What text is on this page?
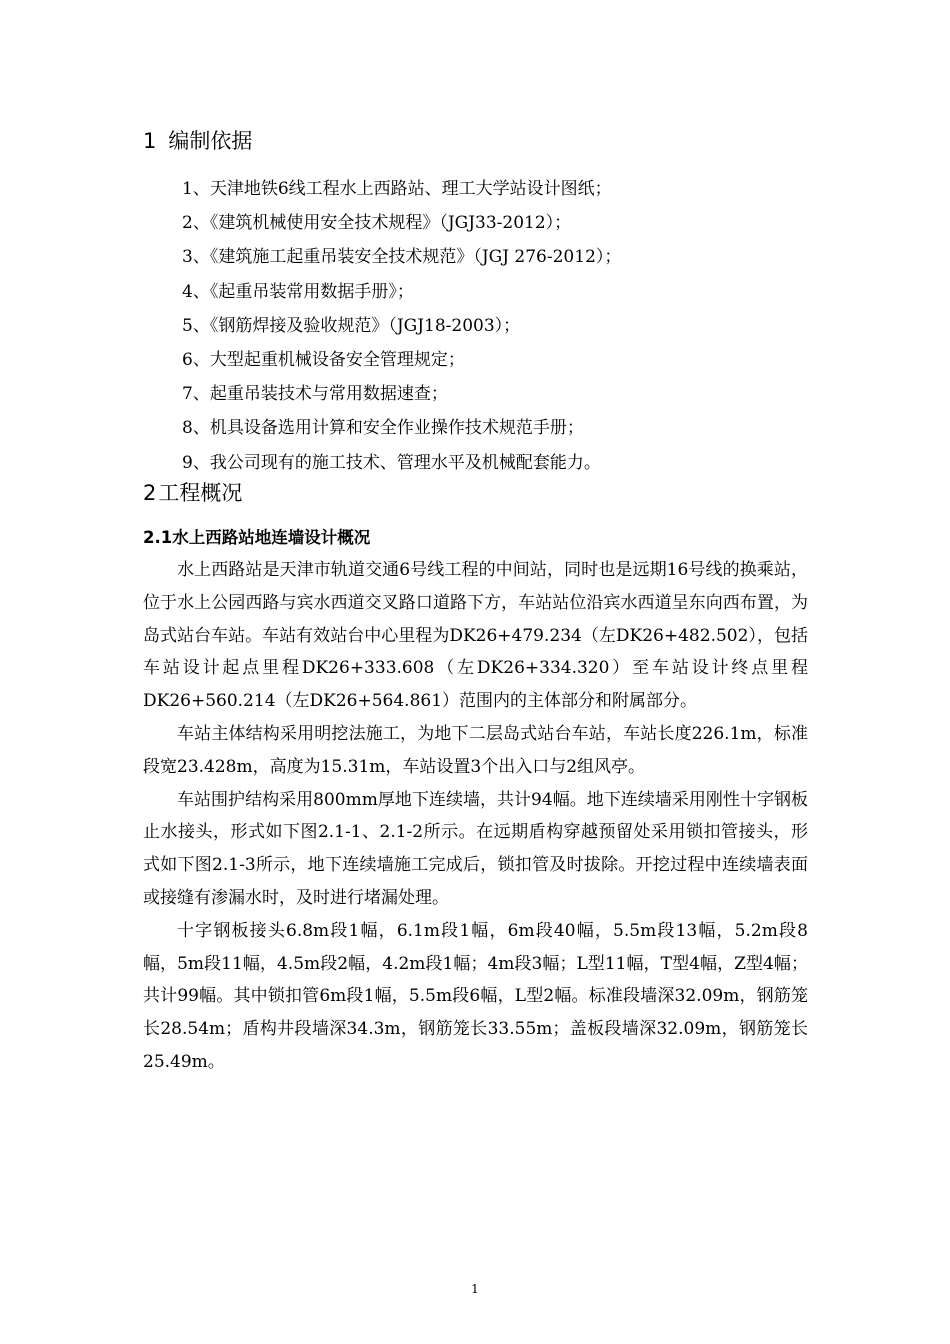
1 编制依据
1、天津地铁6线工程水上西路站、理工大学站设计图纸；
2、《建筑机械使用安全技术规程》（JGJ33-2012）；
3、《建筑施工起重吊装安全技术规范》（JGJ 276-2012）；
4、《起重吊装常用数据手册》；
5、《钢筋焊接及验收规范》（JGJ18-2003）；
6、大型起重机械设备安全管理规定；
7、起重吊装技术与常用数据速查；
8、机具设备选用计算和安全作业操作技术规范手册；
9、我公司现有的施工技术、管理水平及机械配套能力。
2工程概况
2.1水上西路站地连墙设计概况

水上西路站是天津市轨道交通6号线工程的中间站，同时也是远期16号线的换乘站，位于水上公园西路与宾水西道交叉路口道路下方，车站站位沿宾水西道呈东向西布置，为岛式站台车站。车站有效站台中心里程为DK26+479.234（左DK26+482.502），包括车站设计起点里程DK26+333.608（左DK26+334.320）至车站设计终点里程DK26+560.214（左DK26+564.861）范围内的主体部分和附属部分。

车站主体结构采用明挖法施工，为地下二层岛式站台车站，车站长度226.1m，标准段宽23.428m，高度为15.31m，车站设置3个出入口与2组风亭。

车站围护结构采用800mm厚地下连续墙，共计94幅。地下连续墙采用刚性十字钢板止水接头，形式如下图2.1-1、2.1-2所示。在远期盾构穿越预留处采用锁扣管接头，形式如下图2.1-3所示，地下连续墙施工完成后，锁扣管及时拔除。开挖过程中连续墙表面或接缝有渗漏水时，及时进行堵漏处理。

十字钢板接头6.8m段1幅，6.1m段1幅，6m段40幅，5.5m段13幅，5.2m段8幅，5m段11幅，4.5m段2幅，4.2m段1幅；4m段3幅；L型11幅，T型4幅，Z型4幅；共计99幅。其中锁扣管6m段1幅，5.5m段6幅，L型2幅。标准段墙深32.09m，钢筋笼长28.54m；盾构井段墙深34.3m，钢筋笼长33.55m；盖板段墙深32.09m，钢筋笼长25.49m。

1
